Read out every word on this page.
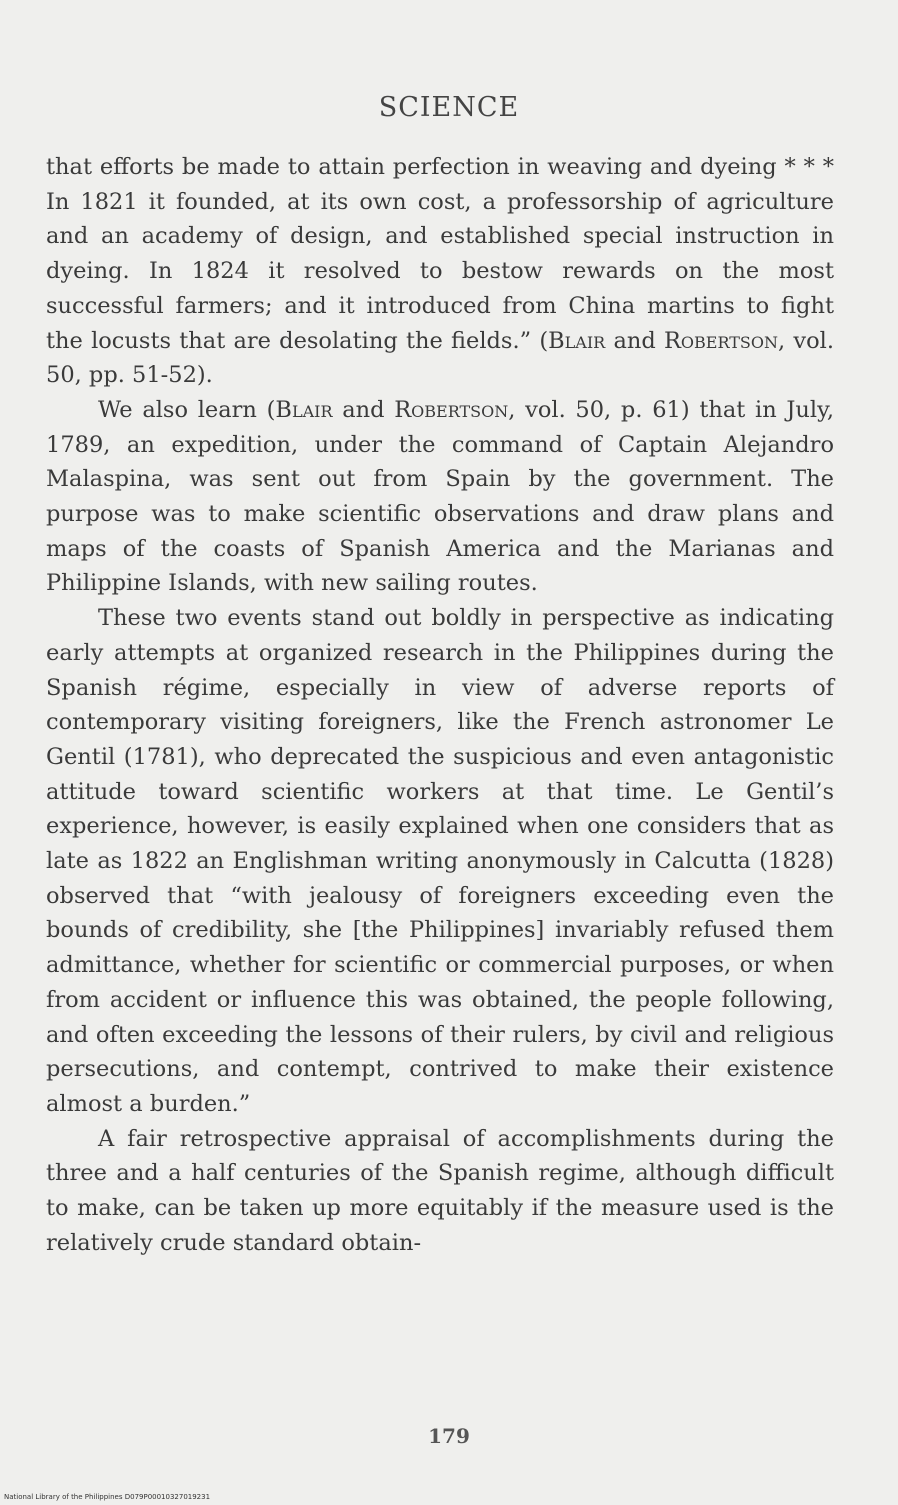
SCIENCE

that efforts be made to attain perfection in weaving and dyeing * * * In 1821 it founded, at its own cost, a professorship of agriculture and an academy of design, and established special instruction in dyeing. In 1824 it resolved to bestow rewards on the most successful farmers; and it introduced from China martins to fight the locusts that are desolating the fields.” (Blair and Robertson, vol. 50, pp. 51-52).

We also learn (Blair and Robertson, vol. 50, p. 61) that in July, 1789, an expedition, under the command of Captain Alejandro Malaspina, was sent out from Spain by the government. The purpose was to make scientific observations and draw plans and maps of the coasts of Spanish America and the Marianas and Philippine Islands, with new sailing routes.

These two events stand out boldly in perspective as indicating early attempts at organized research in the Philippines during the Spanish régime, especially in view of adverse reports of contemporary visiting foreigners, like the French astronomer Le Gentil (1781), who deprecated the suspicious and even antagonistic attitude toward scientific workers at that time. Le Gentil’s experience, however, is easily explained when one considers that as late as 1822 an Englishman writing anonymously in Calcutta (1828) observed that “with jealousy of foreigners exceeding even the bounds of credibility, she [the Philippines] invariably refused them admittance, whether for scientific or commercial purposes, or when from accident or influence this was obtained, the people following, and often exceeding the lessons of their rulers, by civil and religious persecutions, and contempt, contrived to make their existence almost a burden.”

A fair retrospective appraisal of accomplishments during the three and a half centuries of the Spanish regime, although difficult to make, can be taken up more equitably if the measure used is the relatively crude standard obtain-

179
National Library of the Philippines D079P00010327019231
